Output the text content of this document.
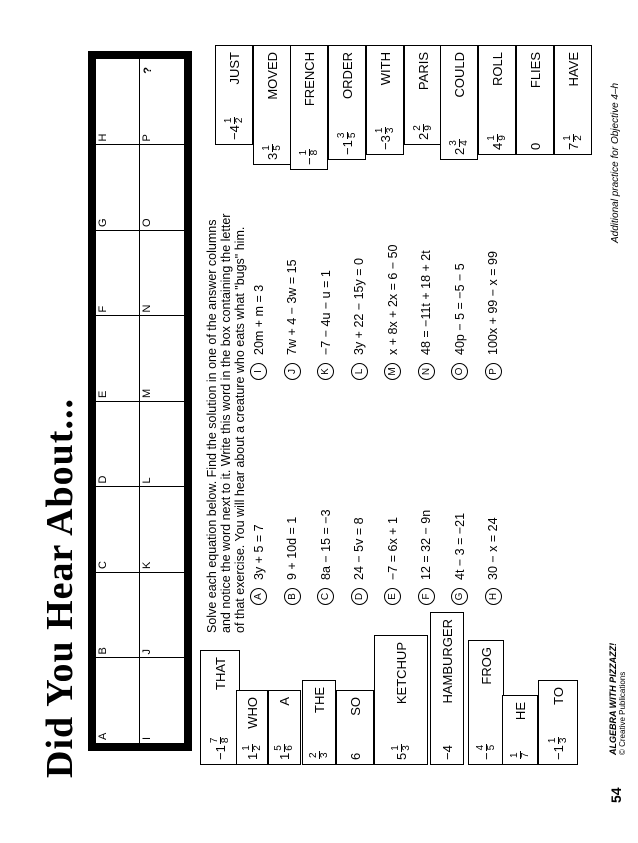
Did You Hear About... A
B
C
D
E
F
G
H
I
J
K
L
M
N
O
P
?
Solve each equation below. Find the solution in one of the answer columns and notice the word next to it. Write this word in the box containing the letter of that exercise. You will hear about a creature who eats what "bugs" him. A
3y + 5 = 7
I
20m + m = 3
B
9 + 10d = 1
J
7w + 4 − 3w = 15
C
8a − 15 = −3
K
−7 − 4u − u = 1
D
24 − 5v = 8
L
3y + 22 − 15y = 0
E
−7 = 6x + 1
M
x + 8x + 2x = 6 − 50
F
12 = 32 − 9n
N
48 = −11t + 18 + 2t
G
4t − 3 = −21
O
40p − 5 = −5 − 5
H
30 − x = 24
P
100x + 99 − x = 99
−
1
7 8
THAT
1
1 2
WHO
1
5 6
A
2 3
THE
6
SO
5
1 3
KETCHUP
−
4
HAMBURGER
−
4 5
FROG
1 7
HE
−
1
1 3
TO
−
4
1 2
JUST
3
1 5
MOVED
−
1 8
FRENCH
−
1
3 5
ORDER
−
3
1 3
WITH
2
2 9
PARIS
2
3 4
COULD
4
1 9
ROLL
0
FLIES
7
1 2
HAVE
54
ALGEBRA WITH PIZZAZZ! © Creative Publications
Additional practice for Objective 4–h
